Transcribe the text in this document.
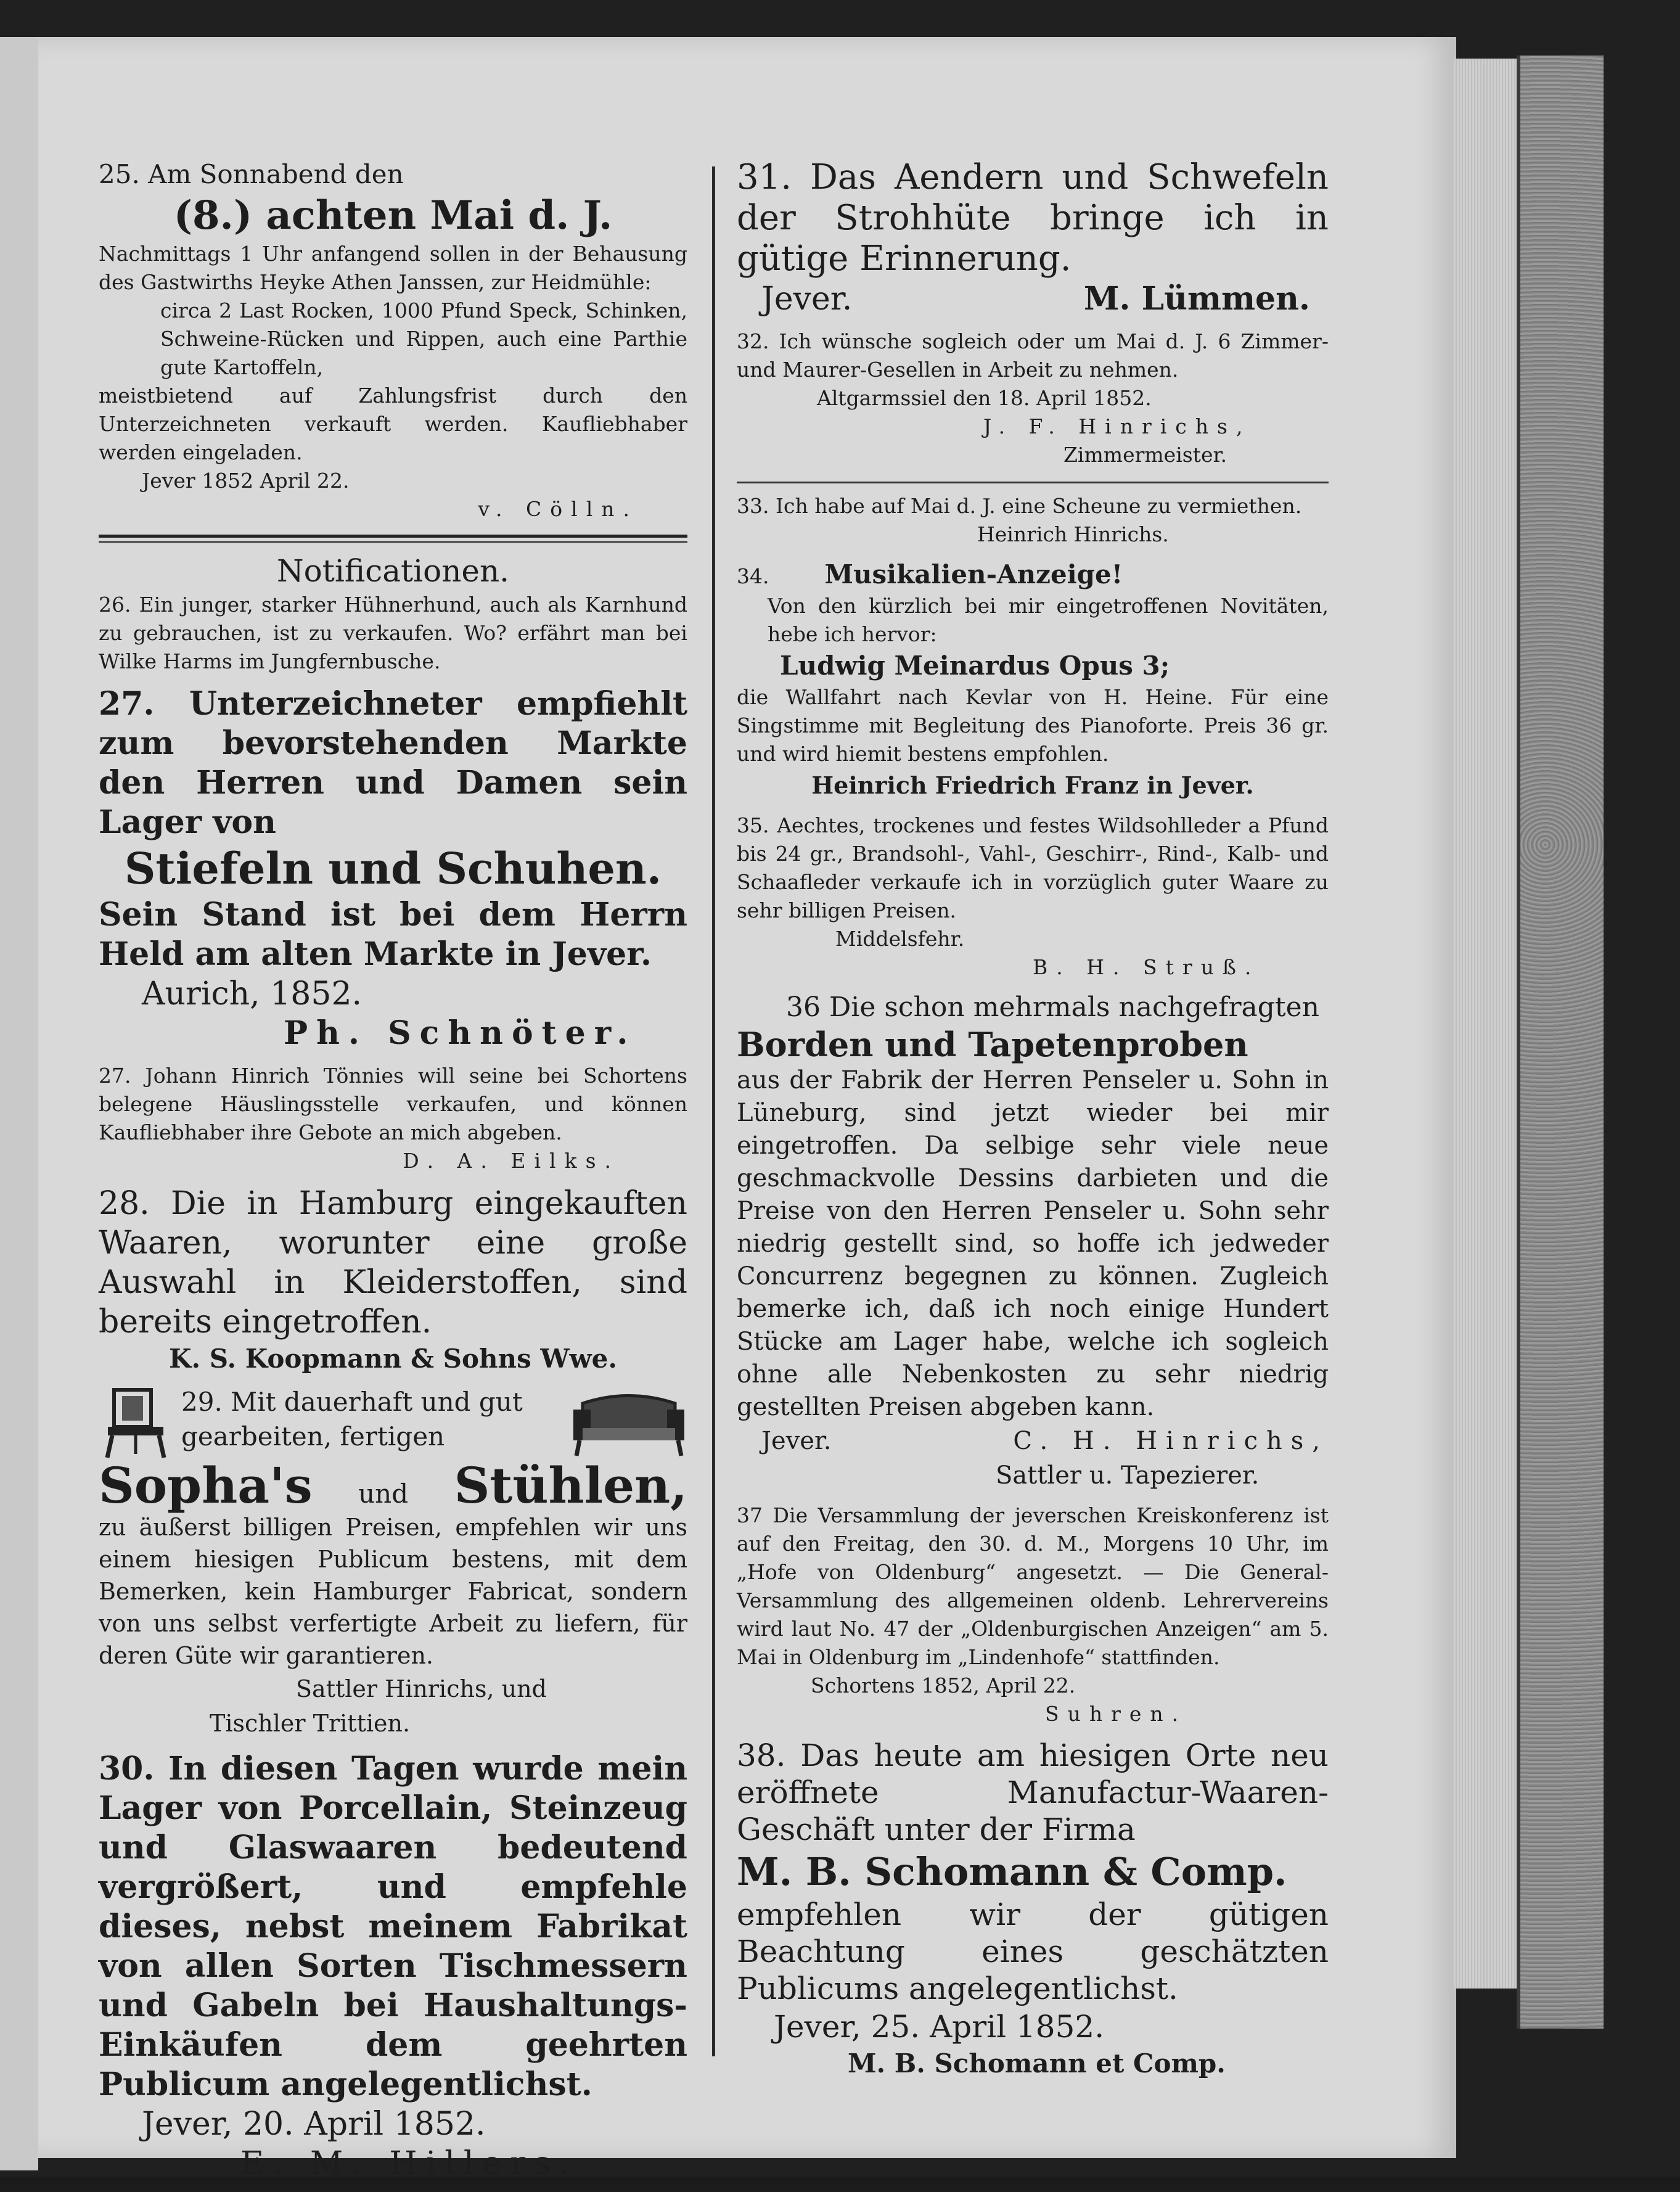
25. Am Sonnabend den
(8.) achten Mai d. J.
Nachmittags 1 Uhr anfangend sollen in der Behausung des Gastwirths Heyke Athen Janssen, zur Heidmühle:
circa 2 Last Rocken, 1000 Pfund Speck, Schinken, Schweine-Rücken und Rippen, auch eine Parthie gute Kartoffeln,
meistbietend auf Zahlungsfrist durch den Unterzeichneten verkauft werden. Kaufliebhaber werden eingeladen.
Jever 1852 April 22.
v. Cölln.
Notificationen.
26. Ein junger, starker Hühnerhund, auch als Karnhund zu gebrauchen, ist zu verkaufen. Wo? erfährt man bei Wilke Harms im Jungfernbusche.
27. Unterzeichneter empfiehlt zum bevorstehenden Markte den Herren und Damen sein Lager von
Stiefeln und Schuhen.
Sein Stand ist bei dem Herrn Held am alten Markte in Jever.
Aurich, 1852.
Ph. Schnöter.
27. Johann Hinrich Tönnies will seine bei Schortens belegene Häuslingsstelle verkaufen, und können Kaufliebhaber ihre Gebote an mich abgeben.
D. A. Eilks.
28. Die in Hamburg eingekauften Waaren, worunter eine große Auswahl in Kleiderstoffen, sind bereits eingetroffen.
K. S. Koopmann & Sohns Wwe.
29. Mit dauerhaft und gut gearbeiten, fertigen
Sopha's und Stühlen,
zu äußerst billigen Preisen, empfehlen wir uns einem hiesigen Publicum bestens, mit dem Bemerken, kein Hamburger Fabricat, sondern von uns selbst verfertigte Arbeit zu liefern, für deren Güte wir garantieren.
Sattler Hinrichs, und
Tischler Trittien.
30. In diesen Tagen wurde mein Lager von Porcellain, Steinzeug und Glaswaaren bedeutend vergrößert, und empfehle dieses, nebst meinem Fabrikat von allen Sorten Tischmessern und Gabeln bei Haushaltungs-Einkäufen dem geehrten Publicum angelegentlichst.
Jever, 20. April 1852.
E. M. Hillers.
31. Das Aendern und Schwefeln der Strohhüte bringe ich in gütige Erinnerung.
Jever.	M. Lümmen.
32. Ich wünsche sogleich oder um Mai d. J. 6 Zimmer- und Maurer-Gesellen in Arbeit zu nehmen.
Altgarmssiel den 18. April 1852.
J. F. Hinrichs,
Zimmermeister.
33. Ich habe auf Mai d. J. eine Scheune zu vermiethen.
Heinrich Hinrichs.
34. Musikalien-Anzeige!
Von den kürzlich bei mir eingetroffenen Novitäten, hebe ich hervor:
Ludwig Meinardus Opus 3;
die Wallfahrt nach Kevlar von H. Heine. Für eine Singstimme mit Begleitung des Pianoforte. Preis 36 gr. und wird hiemit bestens empfohlen.
Heinrich Friedrich Franz in Jever.
35. Aechtes, trockenes und festes Wildsohlleder a Pfund bis 24 gr., Brandsohl-, Vahl-, Geschirr-, Rind-, Kalb- und Schaafleder verkaufe ich in vorzüglich guter Waare zu sehr billigen Preisen.
Middelsfehr.
B. H. Struß.
36 Die schon mehrmals nachgefragten
Borden und Tapetenproben
aus der Fabrik der Herren Penseler u. Sohn in Lüneburg, sind jetzt wieder bei mir eingetroffen. Da selbige sehr viele neue geschmackvolle Dessins darbieten und die Preise von den Herren Penseler u. Sohn sehr niedrig gestellt sind, so hoffe ich jedweder Concurrenz begegnen zu können. Zugleich bemerke ich, daß ich noch einige Hundert Stücke am Lager habe, welche ich sogleich ohne alle Nebenkosten zu sehr niedrig gestellten Preisen abgeben kann.
Jever.	C. H. Hinrichs,
Sattler u. Tapezierer.
37 Die Versammlung der jeverschen Kreiskonferenz ist auf den Freitag, den 30. d. M., Morgens 10 Uhr, im „Hofe von Oldenburg“ angesetzt. — Die General-Versammlung des allgemeinen oldenb. Lehrervereins wird laut No. 47 der „Oldenburgischen Anzeigen“ am 5. Mai in Oldenburg im „Lindenhofe“ stattfinden.
Schortens 1852, April 22.
Suhren.
38. Das heute am hiesigen Orte neu eröffnete Manufactur-Waaren-Geschäft unter der Firma
M. B. Schomann & Comp.
empfehlen wir der gütigen Beachtung eines geschätzten Publicums angelegentlichst.
Jever, 25. April 1852.
M. B. Schomann et Comp.
